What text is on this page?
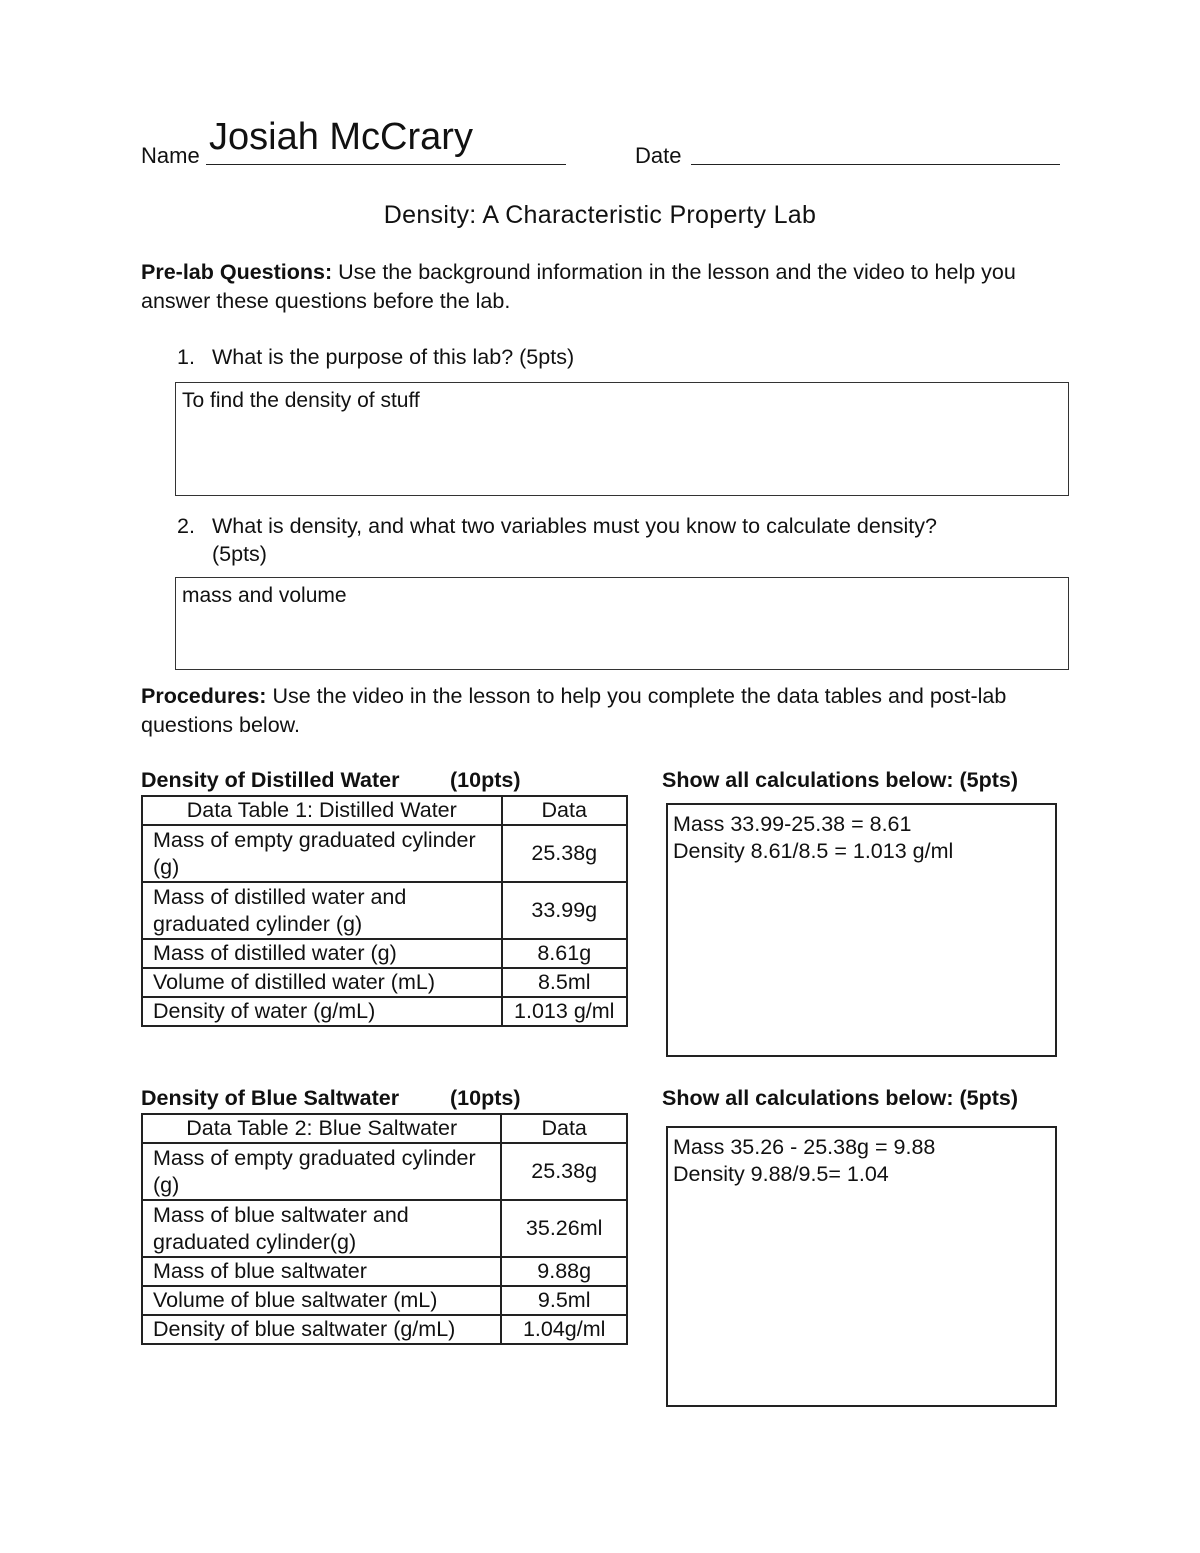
Name Josiah McCrary	Date
Density: A Characteristic Property Lab
Pre-lab Questions: Use the background information in the lesson and the video to help you answer these questions before the lab.
1. What is the purpose of this lab? (5pts)
To find the density of stuff
2. What is density, and what two variables must you know to calculate density?
(5pts)
mass and volume
Procedures: Use the video in the lesson to help you complete the data tables and post-lab questions below.
Density of Distilled Water (10pts)	Show all calculations below: (5pts)
Data Table 1: Distilled Water	Data
Mass of empty graduated cylinder (g)	25.38g
Mass of distilled water and graduated cylinder (g)	33.99g
Mass of distilled water (g)	8.61g
Volume of distilled water (mL)	8.5ml
Density of water (g/mL)	1.013 g/ml
Mass 33.99-25.38 = 8.61
Density 8.61/8.5 = 1.013 g/ml
Density of Blue Saltwater (10pts)	Show all calculations below: (5pts)
Data Table 2: Blue Saltwater	Data
Mass of empty graduated cylinder (g)	25.38g
Mass of blue saltwater and graduated cylinder(g)	35.26ml
Mass of blue saltwater	9.88g
Volume of blue saltwater (mL)	9.5ml
Density of blue saltwater (g/mL)	1.04g/ml
Mass 35.26 - 25.38g = 9.88
Density 9.88/9.5= 1.04
